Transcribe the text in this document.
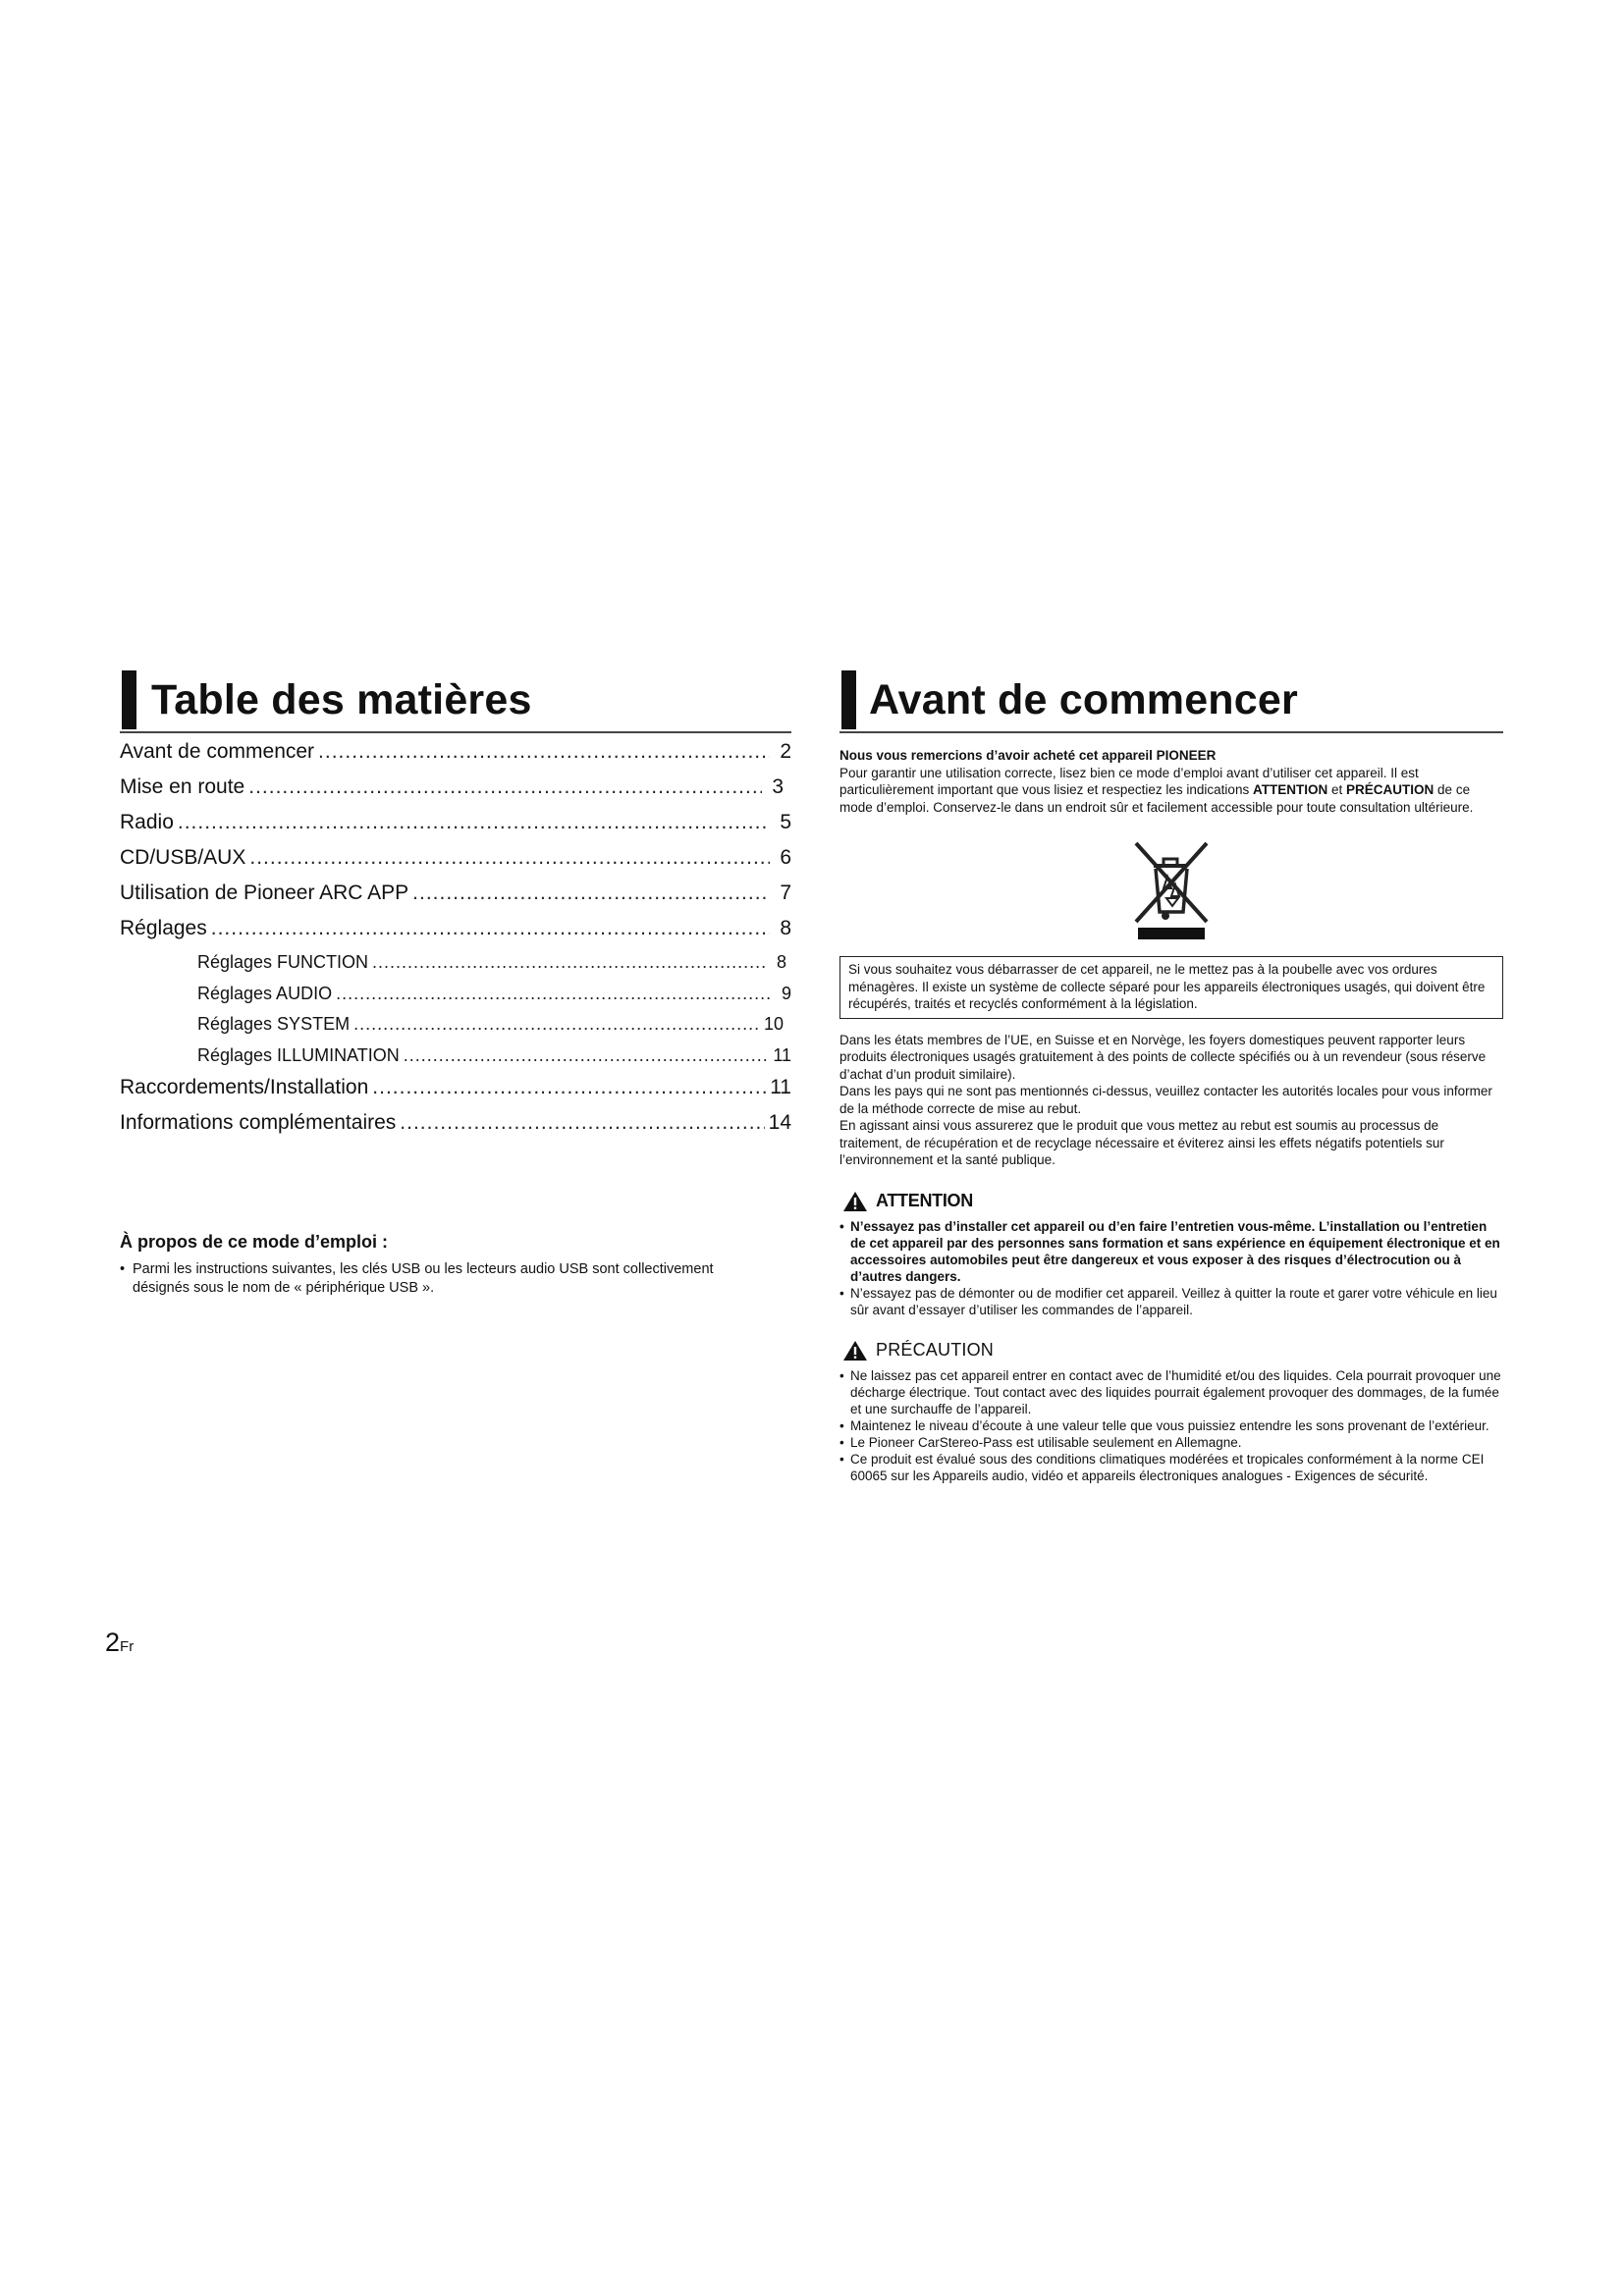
Table des matières
Avant de commencer .....	2
Mise en route .....	3
Radio .....	5
CD/USB/AUX .....	6
Utilisation de Pioneer ARC APP .....	7
Réglages .....	8
Réglages FUNCTION .....	8
Réglages AUDIO .....	9
Réglages SYSTEM .....	10
Réglages ILLUMINATION .....	11
Raccordements/Installation .....	11
Informations complémentaires .....	14
À propos de ce mode d’emploi :
• Parmi les instructions suivantes, les clés USB ou les lecteurs audio USB sont collectivement désignés sous le nom de « périphérique USB ».
Avant de commencer
Nous vous remercions d’avoir acheté cet appareil PIONEER
Pour garantir une utilisation correcte, lisez bien ce mode d’emploi avant d’utiliser cet appareil. Il est particulièrement important que vous lisiez et respectiez les indications ATTENTION et PRÉCAUTION de ce mode d’emploi. Conservez-le dans un endroit sûr et facilement accessible pour toute consultation ultérieure.
Si vous souhaitez vous débarrasser de cet appareil, ne le mettez pas à la poubelle avec vos ordures ménagères. Il existe un système de collecte séparé pour les appareils électroniques usagés, qui doivent être récupérés, traités et recyclés conformément à la législation.
Dans les états membres de l’UE, en Suisse et en Norvège, les foyers domestiques peuvent rapporter leurs produits électroniques usagés gratuitement à des points de collecte spécifiés ou à un revendeur (sous réserve d’achat d’un produit similaire).
Dans les pays qui ne sont pas mentionnés ci-dessus, veuillez contacter les autorités locales pour vous informer de la méthode correcte de mise au rebut.
En agissant ainsi vous assurerez que le produit que vous mettez au rebut est soumis au processus de traitement, de récupération et de recyclage nécessaire et éviterez ainsi les effets négatifs potentiels sur l’environnement et la santé publique.
ATTENTION
• N’essayez pas d’installer cet appareil ou d’en faire l’entretien vous-même. L’installation ou l’entretien de cet appareil par des personnes sans formation et sans expérience en équipement électronique et en accessoires automobiles peut être dangereux et vous exposer à des risques d’électrocution ou à d’autres dangers.
• N’essayez pas de démonter ou de modifier cet appareil. Veillez à quitter la route et garer votre véhicule en lieu sûr avant d’essayer d’utiliser les commandes de l’appareil.
PRÉCAUTION
• Ne laissez pas cet appareil entrer en contact avec de l’humidité et/ou des liquides. Cela pourrait provoquer une décharge électrique. Tout contact avec des liquides pourrait également provoquer des dommages, de la fumée et une surchauffe de l’appareil.
• Maintenez le niveau d’écoute à une valeur telle que vous puissiez entendre les sons provenant de l’extérieur.
• Le Pioneer CarStereo-Pass est utilisable seulement en Allemagne.
• Ce produit est évalué sous des conditions climatiques modérées et tropicales conformément à la norme CEI 60065 sur les Appareils audio, vidéo et appareils électroniques analogues - Exigences de sécurité.
2Fr
